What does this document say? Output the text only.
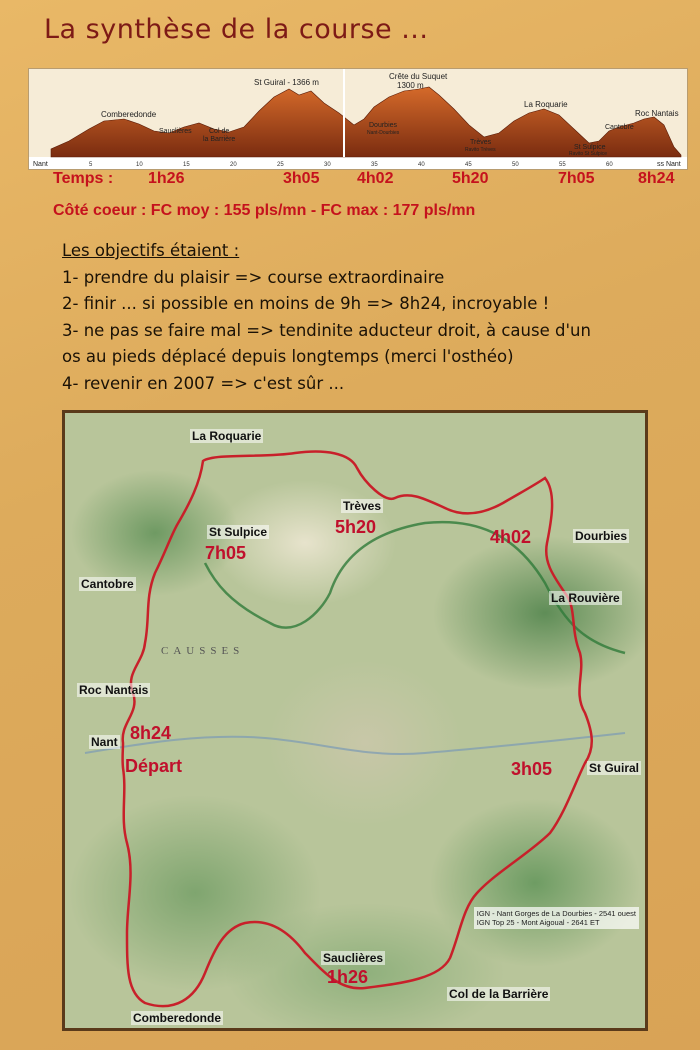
La synthèse de la course ...
St Guiral - 1366 m
Crête du Suquet
1300 m
La Roquarie
Roc Nantais
Comberedonde
Dourbies
Nant-Dourbies
Trèves
Ravito Trèves
Cantobre
Sauclières Col de
la Barrière
St Sulpice
Ravito St Sulpice
Nant	ss Nant
5	10	15	20	25	30	35	40	45	50	55	60
Temps : 1h26	3h05 4h02	5h20	7h05	8h24
Côté coeur : FC moy : 155 pls/mn - FC max : 177 pls/mn
Les objectifs étaient :
1- prendre du plaisir => course extraordinaire
2- finir ... si possible en moins de 9h => 8h24, incroyable !
3- ne pas se faire mal => tendinite aducteur droit, à cause d'un
os au pieds déplacé depuis longtemps (merci l'osthéo)
4- revenir en 2007 => c'est sûr ...
CAUSSES
La Roquarie
Trèves
5h20
St Sulpice
7h05
4h02	Dourbies
Cantobre
La Rouvière
Roc Nantais
8h24
Nant
Départ	3h05	St Guiral
IGN - Nant Gorges de La Dourbies - 2541 ouest
IGN Top 25 - Mont Aigoual - 2641 ET
Sauclières
1h26
Col de la Barrière
Comberedonde
